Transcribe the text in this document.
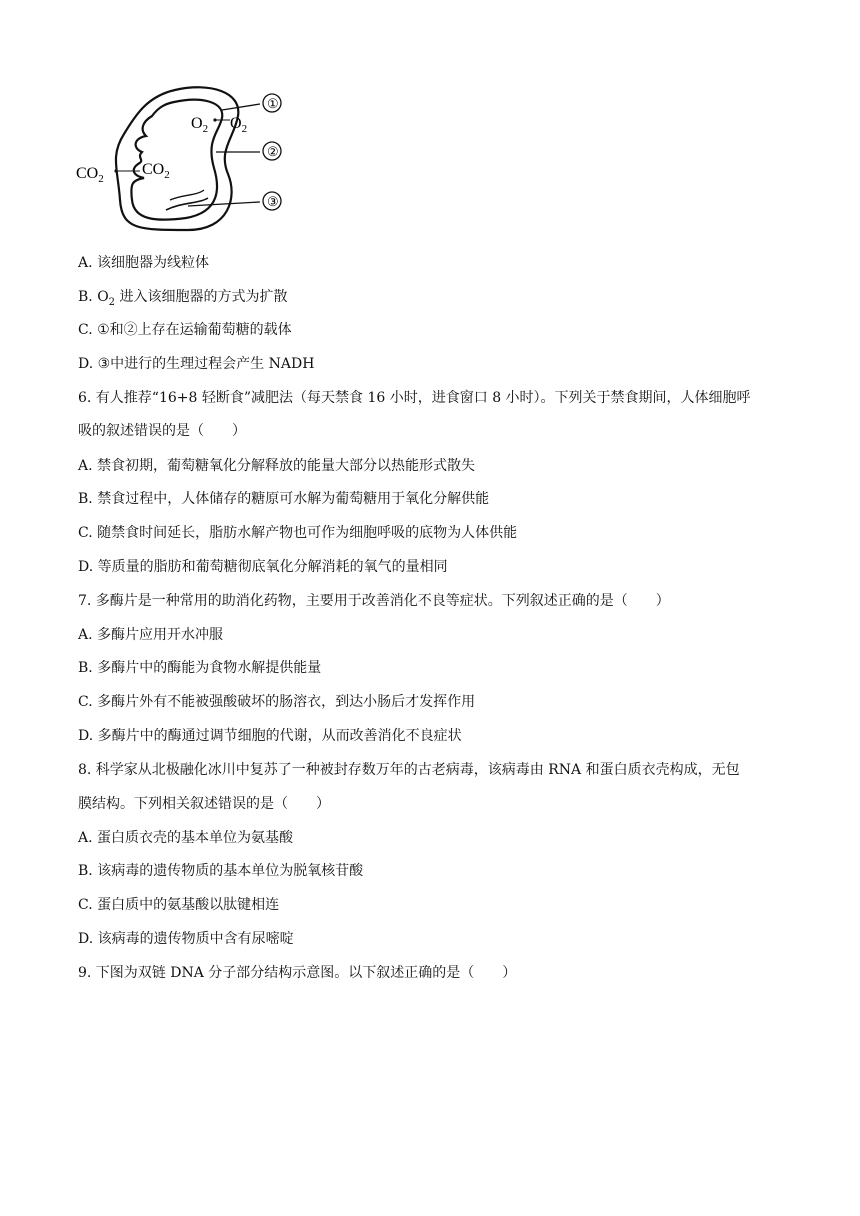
①
②
③
$CO_2$
$CO_2$
$O_2$ $O_2$
A. 该细胞器为线粒体
B. $O_2$ 进入该细胞器的方式为扩散
C. ①和②上存在运输葡萄糖的载体
D. ③中进行的生理过程会产生 NADH
6. 有人推荐“16+8 轻断食”减肥法（每天禁食 16 小时，进食窗口 8 小时）。下列关于禁食期间，人体细胞呼
吸的叙述错误的是（　　）
A. 禁食初期，葡萄糖氧化分解释放的能量大部分以热能形式散失
B. 禁食过程中，人体储存的糖原可水解为葡萄糖用于氧化分解供能
C. 随禁食时间延长，脂肪水解产物也可作为细胞呼吸的底物为人体供能
D. 等质量的脂肪和葡萄糖彻底氧化分解消耗的氧气的量相同
7. 多酶片是一种常用的助消化药物，主要用于改善消化不良等症状。下列叙述正确的是（　　）
A. 多酶片应用开水冲服
B. 多酶片中的酶能为食物水解提供能量
C. 多酶片外有不能被强酸破坏的肠溶衣，到达小肠后才发挥作用
D. 多酶片中的酶通过调节细胞的代谢，从而改善消化不良症状
8. 科学家从北极融化冰川中复苏了一种被封存数万年的古老病毒，该病毒由 RNA 和蛋白质衣壳构成，无包
膜结构。下列相关叙述错误的是（　　）
A. 蛋白质衣壳的基本单位为氨基酸
B. 该病毒的遗传物质的基本单位为脱氧核苷酸
C. 蛋白质中的氨基酸以肽键相连
D. 该病毒的遗传物质中含有尿嘧啶
9. 下图为双链 DNA 分子部分结构示意图。以下叙述正确的是（　　）
